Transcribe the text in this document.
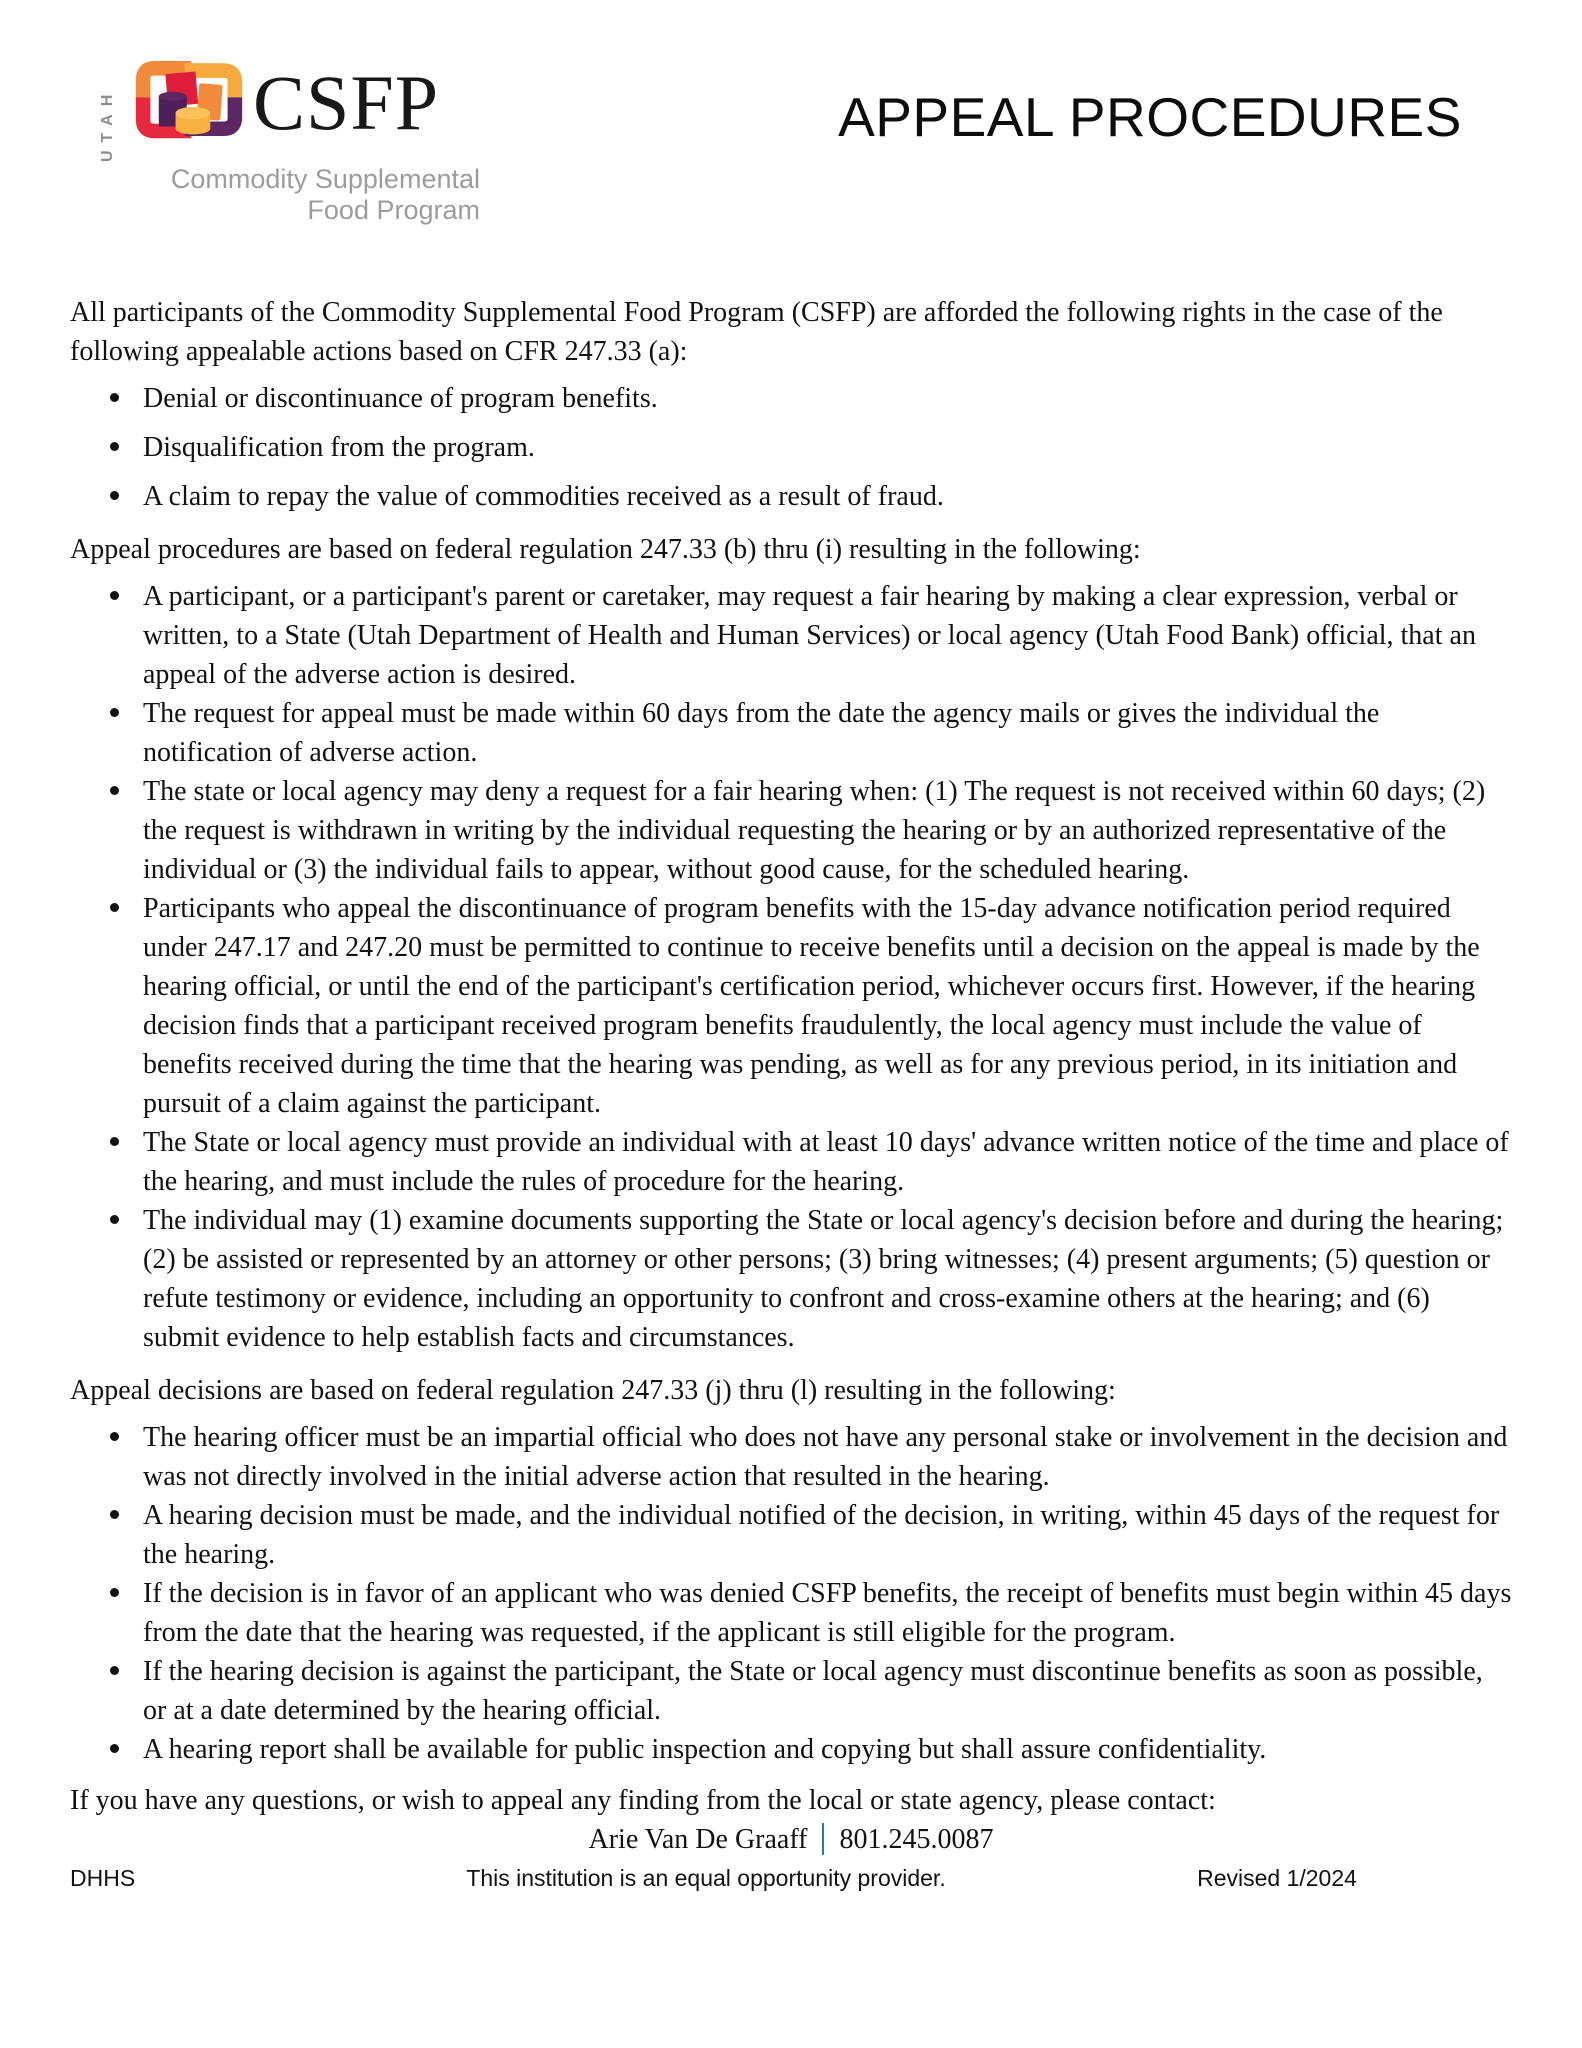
UTAH CSFP
Commodity Supplemental
Food Program
APPEAL PROCEDURES

All participants of the Commodity Supplemental Food Program (CSFP) are afforded the following rights in the case of the following appealable actions based on CFR 247.33 (a):

Denial or discontinuance of program benefits.
Disqualification from the program.
A claim to repay the value of commodities received as a result of fraud.

Appeal procedures are based on federal regulation 247.33 (b) thru (i) resulting in the following:

A participant, or a participant's parent or caretaker, may request a fair hearing by making a clear expression, verbal or written, to a State (Utah Department of Health and Human Services) or local agency (Utah Food Bank) official, that an appeal of the adverse action is desired.
The request for appeal must be made within 60 days from the date the agency mails or gives the individual the notification of adverse action.
The state or local agency may deny a request for a fair hearing when: (1) The request is not received within 60 days; (2) the request is withdrawn in writing by the individual requesting the hearing or by an authorized representative of the individual or (3) the individual fails to appear, without good cause, for the scheduled hearing.
Participants who appeal the discontinuance of program benefits with the 15-day advance notification period required under 247.17 and 247.20 must be permitted to continue to receive benefits until a decision on the appeal is made by the hearing official, or until the end of the participant's certification period, whichever occurs first. However, if the hearing decision finds that a participant received program benefits fraudulently, the local agency must include the value of benefits received during the time that the hearing was pending, as well as for any previous period, in its initiation and pursuit of a claim against the participant.
The State or local agency must provide an individual with at least 10 days' advance written notice of the time and place of the hearing, and must include the rules of procedure for the hearing.
The individual may (1) examine documents supporting the State or local agency's decision before and during the hearing; (2) be assisted or represented by an attorney or other persons; (3) bring witnesses; (4) present arguments; (5) question or refute testimony or evidence, including an opportunity to confront and cross-examine others at the hearing; and (6) submit evidence to help establish facts and circumstances.

Appeal decisions are based on federal regulation 247.33 (j) thru (l) resulting in the following:

The hearing officer must be an impartial official who does not have any personal stake or involvement in the decision and was not directly involved in the initial adverse action that resulted in the hearing.
A hearing decision must be made, and the individual notified of the decision, in writing, within 45 days of the request for the hearing.
If the decision is in favor of an applicant who was denied CSFP benefits, the receipt of benefits must begin within 45 days from the date that the hearing was requested, if the applicant is still eligible for the program.
If the hearing decision is against the participant, the State or local agency must discontinue benefits as soon as possible, or at a date determined by the hearing official.
A hearing report shall be available for public inspection and copying but shall assure confidentiality.

If you have any questions, or wish to appeal any finding from the local or state agency, please contact:

Arie Van De Graaff 801.245.0087

DHHS	This institution is an equal opportunity provider.	Revised 1/2024
